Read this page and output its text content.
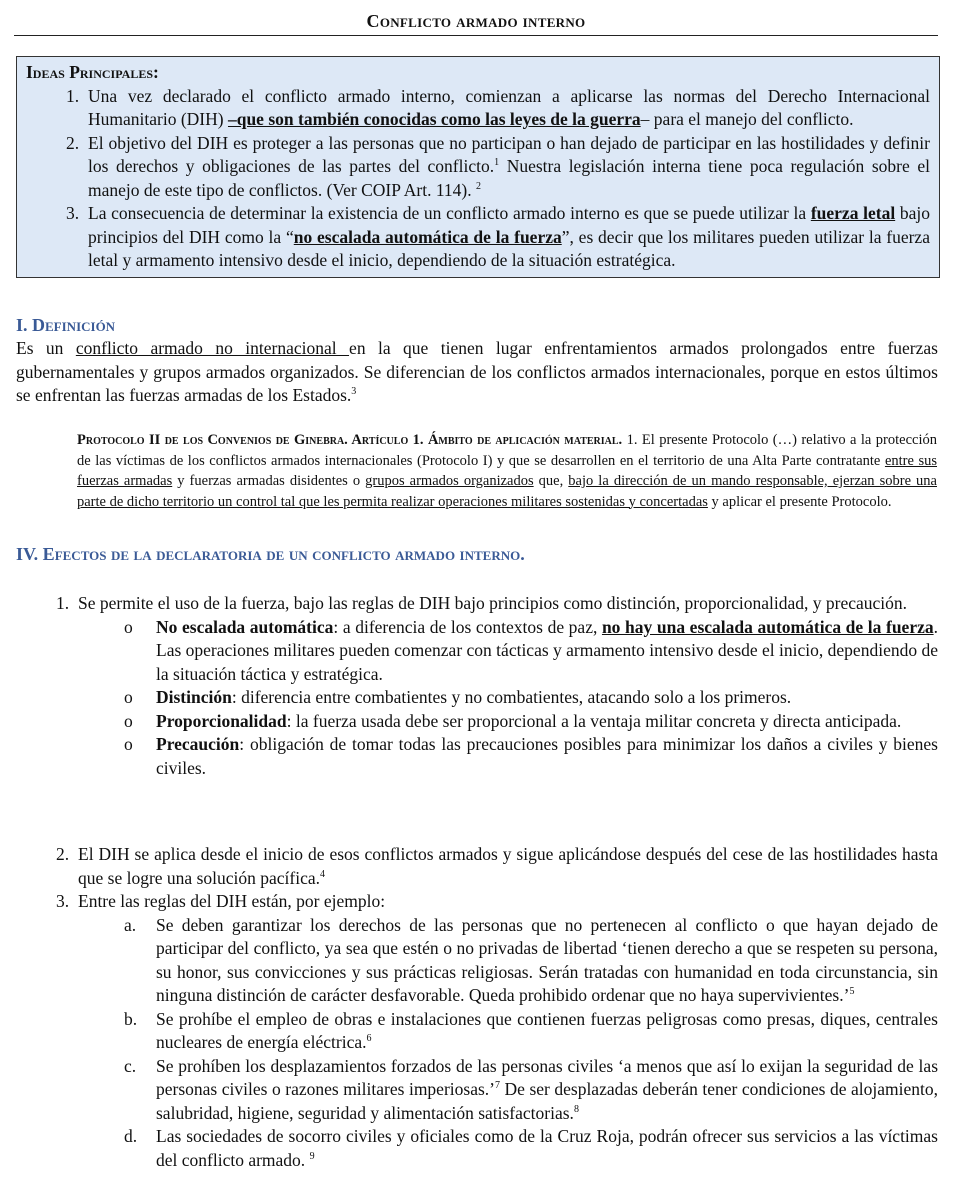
Conflicto armado interno
Ideas Principales:
1. Una vez declarado el conflicto armado interno, comienzan a aplicarse las normas del Derecho Internacional Humanitario (DIH) –que son también conocidas como las leyes de la guerra– para el manejo del conflicto.
2. El objetivo del DIH es proteger a las personas que no participan o han dejado de participar en las hostilidades y definir los derechos y obligaciones de las partes del conflicto.$^1$ Nuestra legislación interna tiene poca regulación sobre el manejo de este tipo de conflictos. (Ver COIP Art. 114). $^2$
3. La consecuencia de determinar la existencia de un conflicto armado interno es que se puede utilizar la fuerza letal bajo principios del DIH como la “no escalada automática de la fuerza”, es decir que los militares pueden utilizar la fuerza letal y armamento intensivo desde el inicio, dependiendo de la situación estratégica.
I. Definición
Es un conflicto armado no internacional en la que tienen lugar enfrentamientos armados prolongados entre fuerzas gubernamentales y grupos armados organizados. Se diferencian de los conflictos armados internacionales, porque en estos últimos se enfrentan las fuerzas armadas de los Estados.$^3$
Protocolo II de los Convenios de Ginebra. Artículo 1. Ámbito de aplicación material. 1. El presente Protocolo (…) relativo a la protección de las víctimas de los conflictos armados internacionales (Protocolo I) y que se desarrollen en el territorio de una Alta Parte contratante entre sus fuerzas armadas y fuerzas armadas disidentes o grupos armados organizados que, bajo la dirección de un mando responsable, ejerzan sobre una parte de dicho territorio un control tal que les permita realizar operaciones militares sostenidas y concertadas y aplicar el presente Protocolo.
IV. Efectos de la declaratoria de un conflicto armado interno.
1. Se permite el uso de la fuerza, bajo las reglas de DIH bajo principios como distinción, proporcionalidad, y precaución.
o No escalada automática: a diferencia de los contextos de paz, no hay una escalada automática de la fuerza. Las operaciones militares pueden comenzar con tácticas y armamento intensivo desde el inicio, dependiendo de la situación táctica y estratégica.
o Distinción: diferencia entre combatientes y no combatientes, atacando solo a los primeros.
o Proporcionalidad: la fuerza usada debe ser proporcional a la ventaja militar concreta y directa anticipada.
o Precaución: obligación de tomar todas las precauciones posibles para minimizar los daños a civiles y bienes civiles.
2. El DIH se aplica desde el inicio de esos conflictos armados y sigue aplicándose después del cese de las hostilidades hasta que se logre una solución pacífica.$^4$
3. Entre las reglas del DIH están, por ejemplo:
a. Se deben garantizar los derechos de las personas que no pertenecen al conflicto o que hayan dejado de participar del conflicto, ya sea que estén o no privadas de libertad ‘tienen derecho a que se respeten su persona, su honor, sus convicciones y sus prácticas religiosas. Serán tratadas con humanidad en toda circunstancia, sin ninguna distinción de carácter desfavorable. Queda prohibido ordenar que no haya supervivientes.’$^5$
b. Se prohíbe el empleo de obras e instalaciones que contienen fuerzas peligrosas como presas, diques, centrales nucleares de energía eléctrica.$^6$
c. Se prohíben los desplazamientos forzados de las personas civiles ‘a menos que así lo exijan la seguridad de las personas civiles o razones militares imperiosas.’$^7$ De ser desplazadas deberán tener condiciones de alojamiento, salubridad, higiene, seguridad y alimentación satisfactorias.$^8$
d. Las sociedades de socorro civiles y oficiales como de la Cruz Roja, podrán ofrecer sus servicios a las víctimas del conflicto armado. $^9$
